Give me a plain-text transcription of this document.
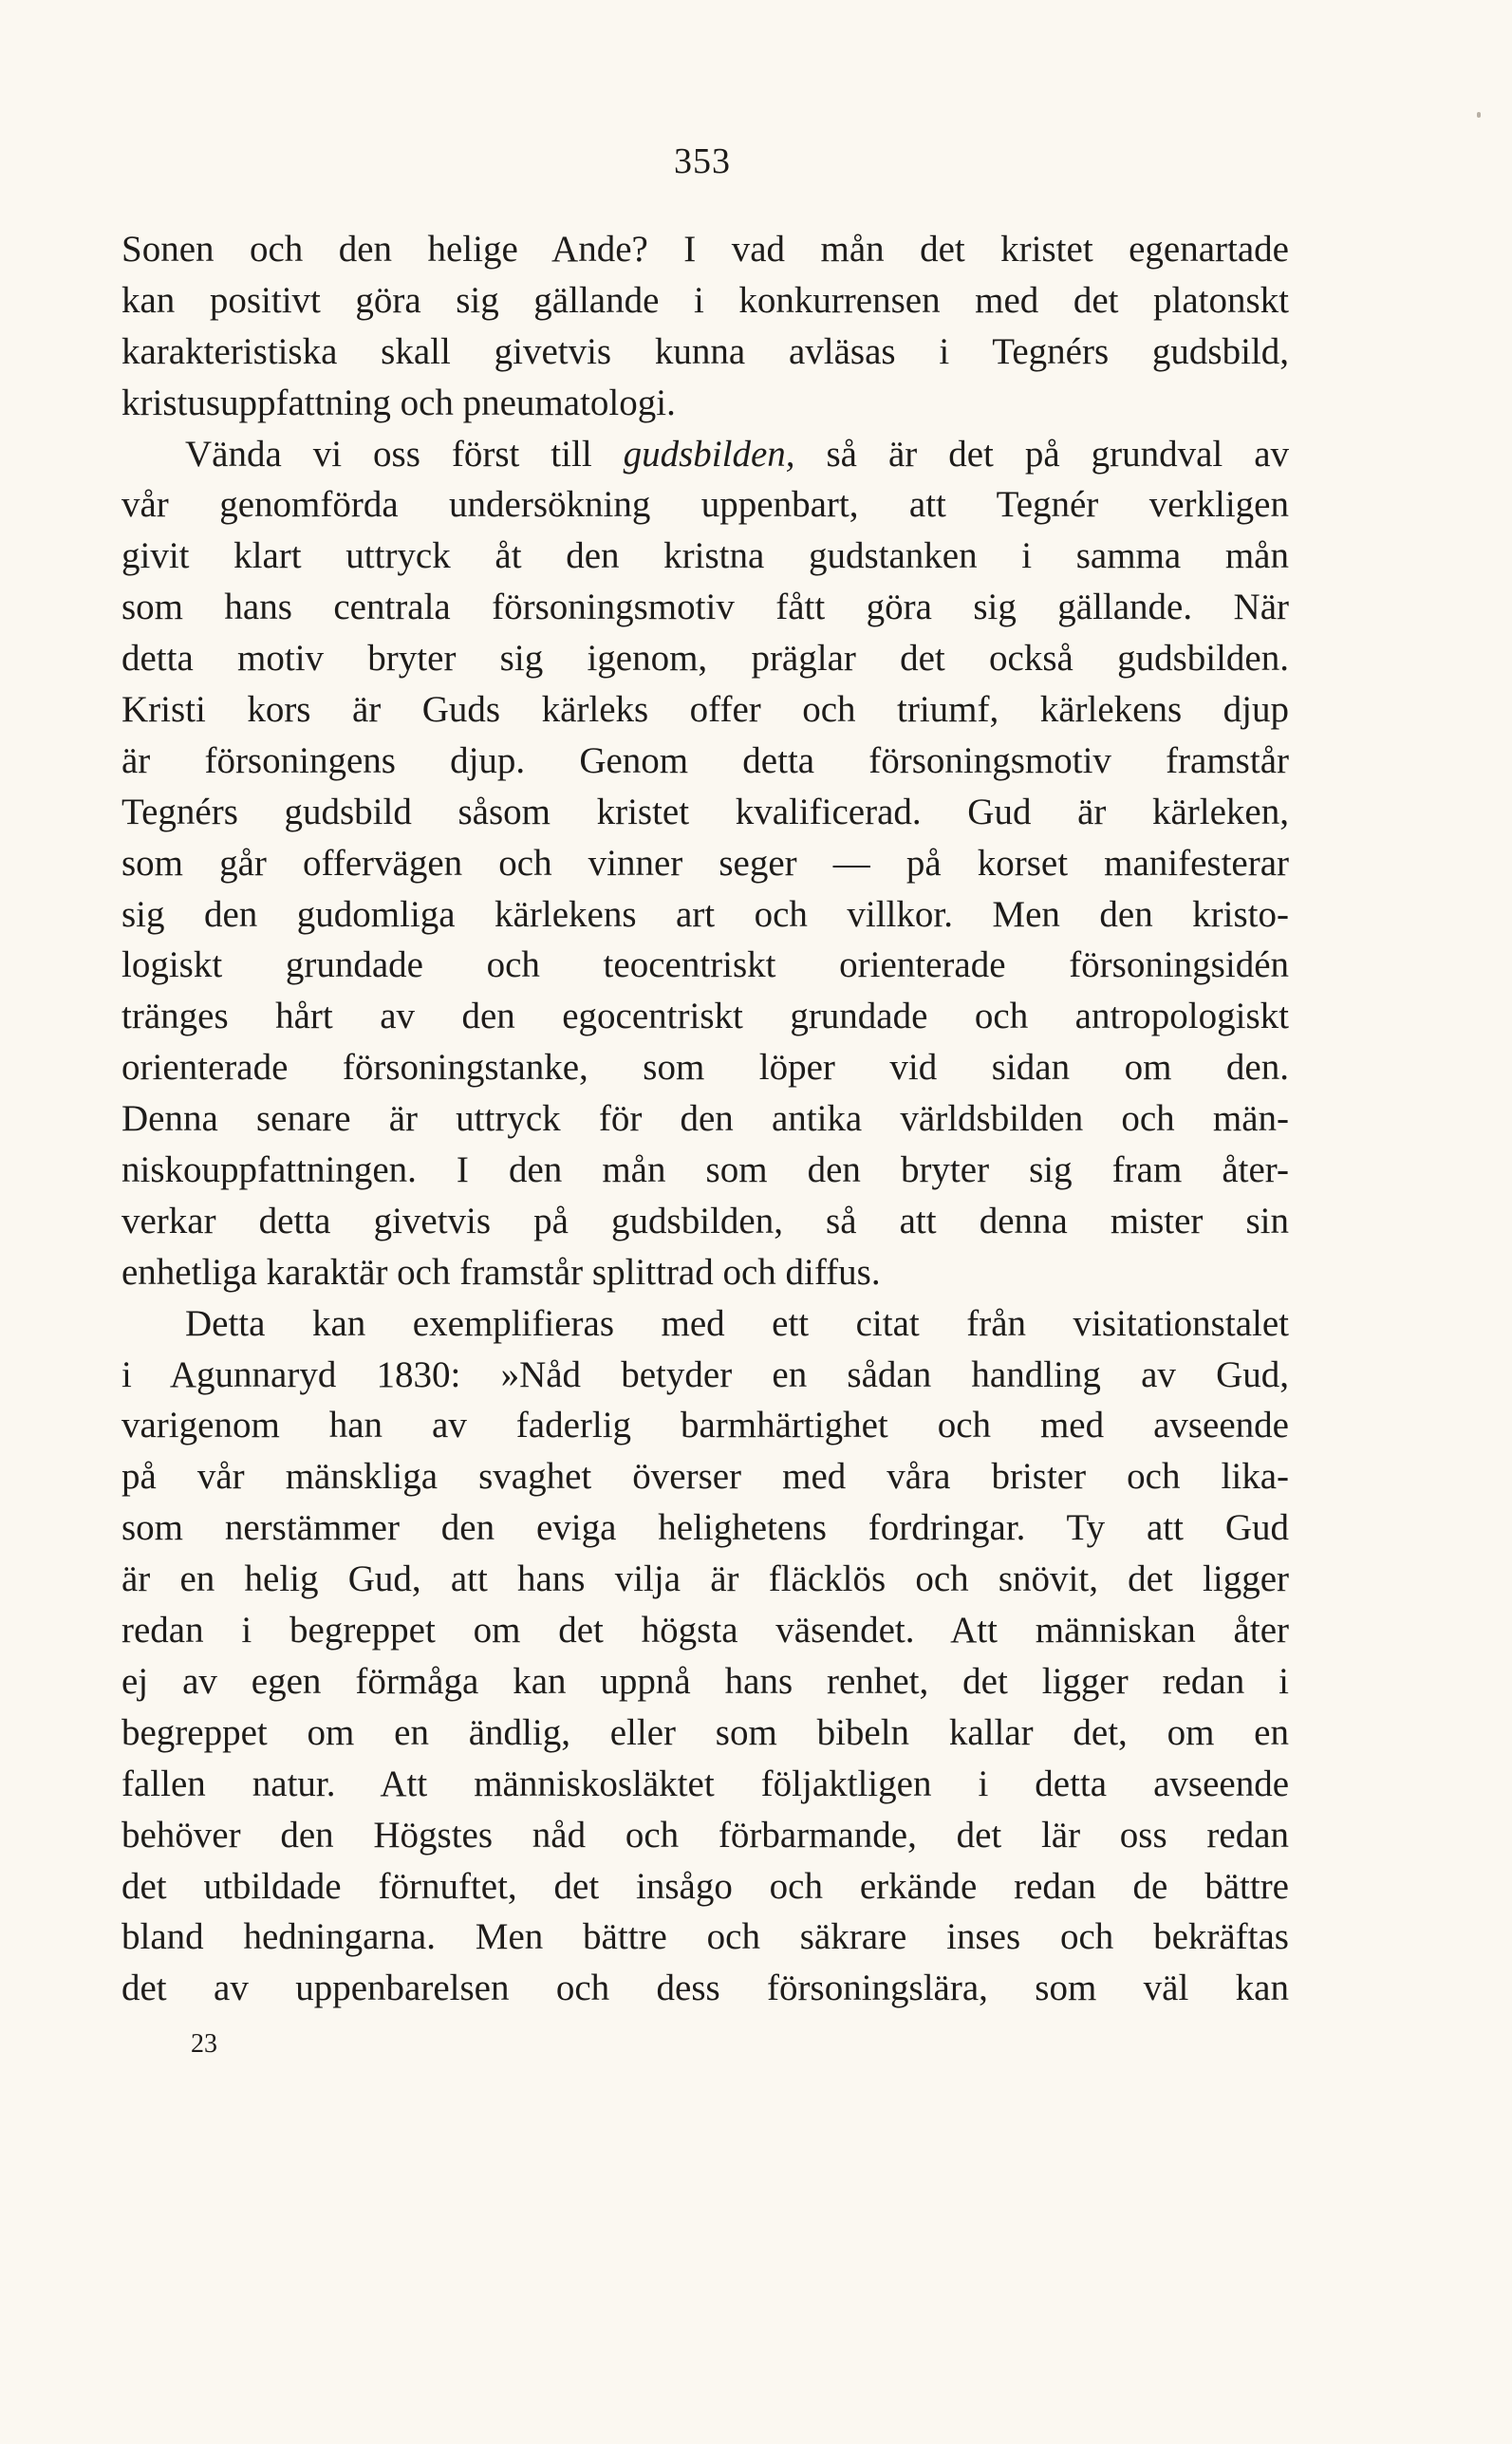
353
Sonen och den helige Ande? I vad mån det kristet egenartade
kan positivt göra sig gällande i konkurrensen med det platonskt
karakteristiska skall givetvis kunna avläsas i Tegnérs gudsbild,
kristusuppfattning och pneumatologi.
Vända vi oss först till gudsbilden, så är det på grundval av
vår genomförda undersökning uppenbart, att Tegnér verkligen
givit klart uttryck åt den kristna gudstanken i samma mån
som hans centrala försoningsmotiv fått göra sig gällande. När
detta motiv bryter sig igenom, präglar det också gudsbilden.
Kristi kors är Guds kärleks offer och triumf, kärlekens djup
är försoningens djup. Genom detta försoningsmotiv framstår
Tegnérs gudsbild såsom kristet kvalificerad. Gud är kärleken,
som går offervägen och vinner seger — på korset manifesterar
sig den gudomliga kärlekens art och villkor. Men den kristo-
logiskt grundade och teocentriskt orienterade försoningsidén
tränges hårt av den egocentriskt grundade och antropologiskt
orienterade försoningstanke, som löper vid sidan om den.
Denna senare är uttryck för den antika världsbilden och män-
niskouppfattningen. I den mån som den bryter sig fram åter-
verkar detta givetvis på gudsbilden, så att denna mister sin
enhetliga karaktär och framstår splittrad och diffus.
Detta kan exemplifieras med ett citat från visitationstalet
i Agunnaryd 1830: »Nåd betyder en sådan handling av Gud,
varigenom han av faderlig barmhärtighet och med avseende
på vår mänskliga svaghet överser med våra brister och lika-
som nerstämmer den eviga helighetens fordringar. Ty att Gud
är en helig Gud, att hans vilja är fläcklös och snövit, det ligger
redan i begreppet om det högsta väsendet. Att människan åter
ej av egen förmåga kan uppnå hans renhet, det ligger redan i
begreppet om en ändlig, eller som bibeln kallar det, om en
fallen natur. Att människosläktet följaktligen i detta avseende
behöver den Högstes nåd och förbarmande, det lär oss redan
det utbildade förnuftet, det insågo och erkände redan de bättre
bland hedningarna. Men bättre och säkrare inses och bekräftas
det av uppenbarelsen och dess försoningslära, som väl kan
23
